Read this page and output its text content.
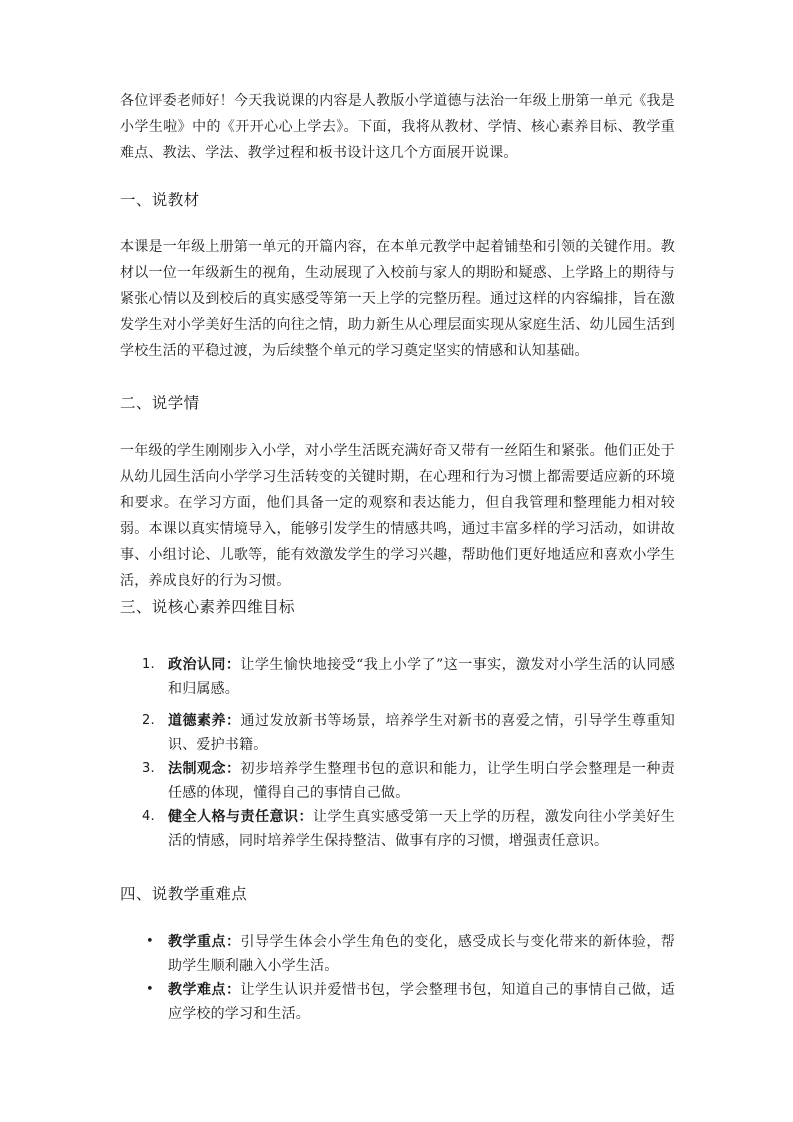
各位评委老师好！今天我说课的内容是人教版小学道德与法治一年级上册第一单元《我是小学生啦》中的《开开心心上学去》。下面，我将从教材、学情、核心素养目标、教学重难点、教法、学法、教学过程和板书设计这几个方面展开说课。

一、说教材

本课是一年级上册第一单元的开篇内容，在本单元教学中起着铺垫和引领的关键作用。教材以一位一年级新生的视角，生动展现了入校前与家人的期盼和疑惑、上学路上的期待与紧张心情以及到校后的真实感受等第一天上学的完整历程。通过这样的内容编排，旨在激发学生对小学美好生活的向往之情，助力新生从心理层面实现从家庭生活、幼儿园生活到学校生活的平稳过渡，为后续整个单元的学习奠定坚实的情感和认知基础。

二、说学情

一年级的学生刚刚步入小学，对小学生活既充满好奇又带有一丝陌生和紧张。他们正处于从幼儿园生活向小学学习生活转变的关键时期，在心理和行为习惯上都需要适应新的环境和要求。在学习方面，他们具备一定的观察和表达能力，但自我管理和整理能力相对较弱。本课以真实情境导入，能够引发学生的情感共鸣，通过丰富多样的学习活动，如讲故事、小组讨论、儿歌等，能有效激发学生的学习兴趣，帮助他们更好地适应和喜欢小学生活，养成良好的行为习惯。

三、说核心素养四维目标
1. 政治认同：让学生愉快地接受“我上小学了”这一事实，激发对小学生活的认同感和归属感。
2. 道德素养：通过发放新书等场景，培养学生对新书的喜爱之情，引导学生尊重知识、爱护书籍。
3. 法制观念：初步培养学生整理书包的意识和能力，让学生明白学会整理是一种责任感的体现，懂得自己的事情自己做。
4. 健全人格与责任意识：让学生真实感受第一天上学的历程，激发向往小学美好生活的情感，同时培养学生保持整洁、做事有序的习惯，增强责任意识。
四、说教学重难点
• 教学重点：引导学生体会小学生角色的变化，感受成长与变化带来的新体验，帮助学生顺利融入小学生活。
• 教学难点：让学生认识并爱惜书包，学会整理书包，知道自己的事情自己做，适应学校的学习和生活。
